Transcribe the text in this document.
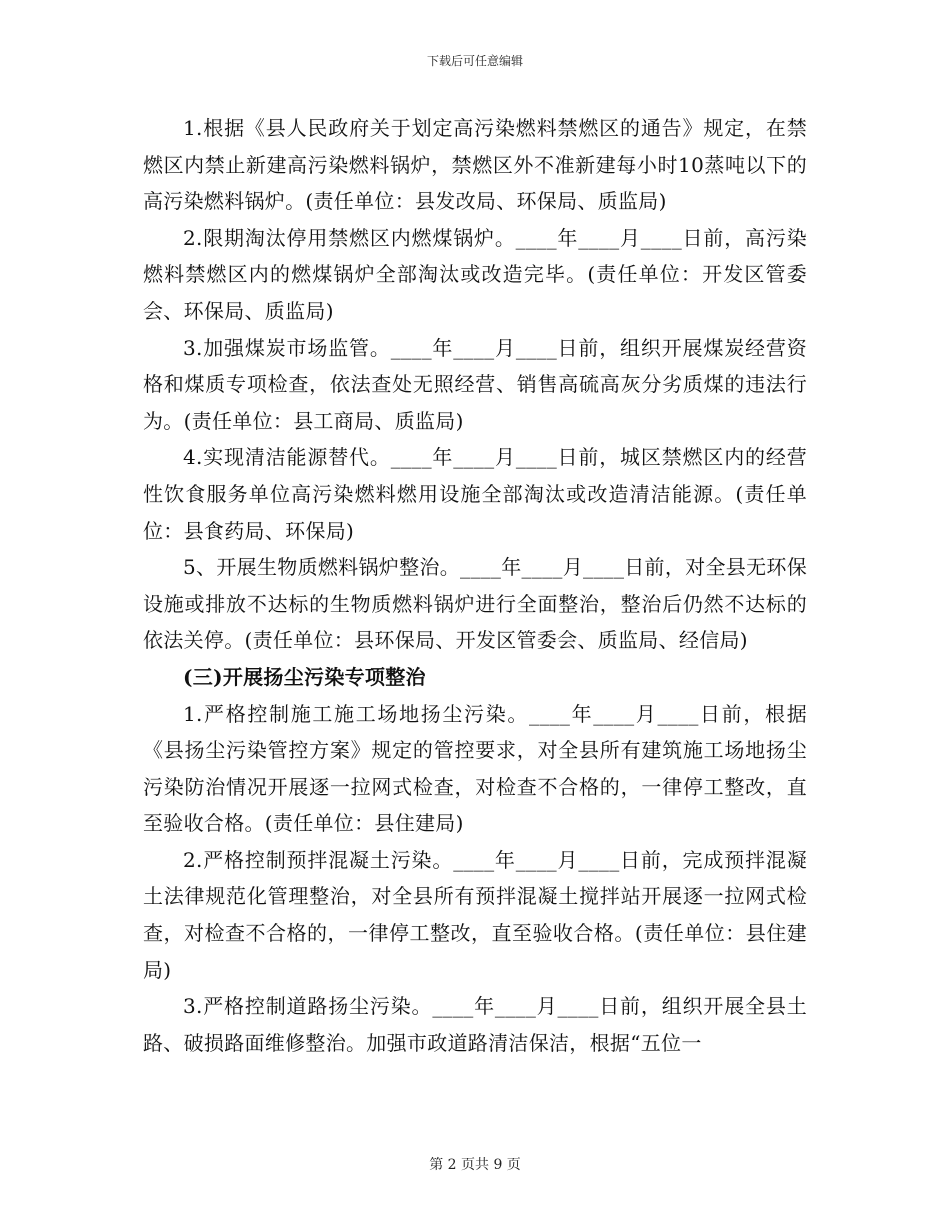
下载后可任意编辑

1.根据《县人民政府关于划定高污染燃料禁燃区的通告》规定，在禁燃区内禁止新建高污染燃料锅炉，禁燃区外不准新建每小时10蒸吨以下的高污染燃料锅炉。(责任单位：县发改局、环保局、质监局)

2.限期淘汰停用禁燃区内燃煤锅炉。____年____月____日前，高污染燃料禁燃区内的燃煤锅炉全部淘汰或改造完毕。(责任单位：开发区管委会、环保局、质监局)

3.加强煤炭市场监管。____年____月____日前，组织开展煤炭经营资格和煤质专项检查，依法查处无照经营、销售高硫高灰分劣质煤的违法行为。(责任单位：县工商局、质监局)

4.实现清洁能源替代。____年____月____日前，城区禁燃区内的经营性饮食服务单位高污染燃料燃用设施全部淘汰或改造清洁能源。(责任单位：县食药局、环保局)

5、开展生物质燃料锅炉整治。____年____月____日前，对全县无环保设施或排放不达标的生物质燃料锅炉进行全面整治，整治后仍然不达标的依法关停。(责任单位：县环保局、开发区管委会、质监局、经信局)

(三)开展扬尘污染专项整治

1.严格控制施工施工场地扬尘污染。____年____月____日前，根据《县扬尘污染管控方案》规定的管控要求，对全县所有建筑施工场地扬尘污染防治情况开展逐一拉网式检查，对检查不合格的，一律停工整改，直至验收合格。(责任单位：县住建局)

2.严格控制预拌混凝土污染。____年____月____日前，完成预拌混凝土法律规范化管理整治，对全县所有预拌混凝土搅拌站开展逐一拉网式检查，对检查不合格的，一律停工整改，直至验收合格。(责任单位：县住建局)

3.严格控制道路扬尘污染。____年____月____日前，组织开展全县土路、破损路面维修整治。加强市政道路清洁保洁，根据“五位一

第 2 页共 9 页
